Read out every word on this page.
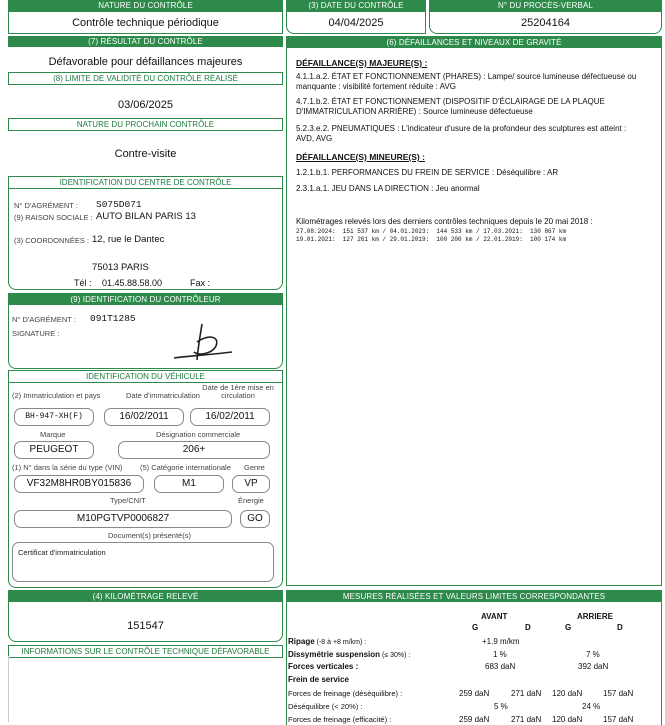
NATURE DU CONTRÔLE
Contrôle technique périodique
(3) DATE DU CONTRÔLE
04/04/2025
N° DU PROCÈS-VERBAL
25204164
(7) RÉSULTAT DU CONTRÔLE
Défavorable pour défaillances majeures
(8) LIMITE DE VALIDITÉ DU CONTRÔLE RÉALISÉ
03/06/2025
NATURE DU PROCHAIN CONTRÔLE
Contre-visite
IDENTIFICATION DU CENTRE DE CONTRÔLE
N° D'AGRÉMENT : S075D071
(9) RAISON SOCIALE : AUTO BILAN PARIS 13
(3) COORDONNÉES : 12, rue le Dantec
75013 PARIS
Tél : 01.45.88.58.00	Fax :
(9) IDENTIFICATION DU CONTRÔLEUR
N° D'AGRÉMENT : 091T1285
SIGNATURE :
IDENTIFICATION DU VÉHICULE
(2) Immatriculation et pays	Date d'immatriculation
Date de 1ère mise en circulation
BH-947-XH(F)	16/02/2011	16/02/2011
Marque	Désignation commerciale
PEUGEOT	206+
(1) N° dans la série du type (VIN) (5) Catégorie internationale Genre
VF32M8HR0BY015836	M1	VP
Type/CNIT	Énergie
M10PGTVP0006827	GO
Document(s) présenté(s)
Certificat d'immatriculation
(4) KILOMÉTRAGE RELEVÉ
151547
INFORMATIONS SUR LE CONTRÔLE TECHNIQUE DÉFAVORABLE
(6) DÉFAILLANCES ET NIVEAUX DE GRAVITÉ
DÉFAILLANCE(S) MAJEURE(S) :
4.1.1.a.2. ÉTAT ET FONCTIONNEMENT (PHARES) : Lampe/ source lumineuse défectueuse ou manquante : visibilité fortement réduite : AVG
4.7.1.b.2. ÉTAT ET FONCTIONNEMENT (DISPOSITIF D'ÉCLAIRAGE DE LA PLAQUE D'IMMATRICULATION ARRIÈRE) : Source lumineuse défectueuse
5.2.3.e.2. PNEUMATIQUES : L'indicateur d'usure de la profondeur des sculptures est atteint : AVD, AVG
DÉFAILLANCE(S) MINEURE(S) :
1.2.1.b.1. PERFORMANCES DU FREIN DE SERVICE : Déséquilibre : AR
2.3.1.a.1. JEU DANS LA DIRECTION : Jeu anormal
Kilométrages relevés lors des derniers contrôles techniques depuis le 20 mai 2018 :
27.08.2024:  151 537 km / 04.01.2023:  144 533 km / 17.03.2021:  130 867 km
19.01.2021:  127 261 km / 29.01.2019:  100 200 km / 22.01.2019:  100 174 km
MESURES RÉALISÉES ET VALEURS LIMITES CORRESPONDANTES
AVANT	ARRIERE
G	D	G	D
Ripage (-8 à +8 m/km) :	+1.9 m/km
Dissymétrie suspension (≤ 30%) :	1 %	7 %
Forces verticales :	683 daN	392 daN
Frein de service
Forces de freinage (déséquilibre) :	259 daN	271 daN 120 daN	157 daN
Déséquilibre (< 20%) :	5 %	24 %
Forces de freinage (efficacité) :	259 daN	271 daN 120 daN	157 daN
